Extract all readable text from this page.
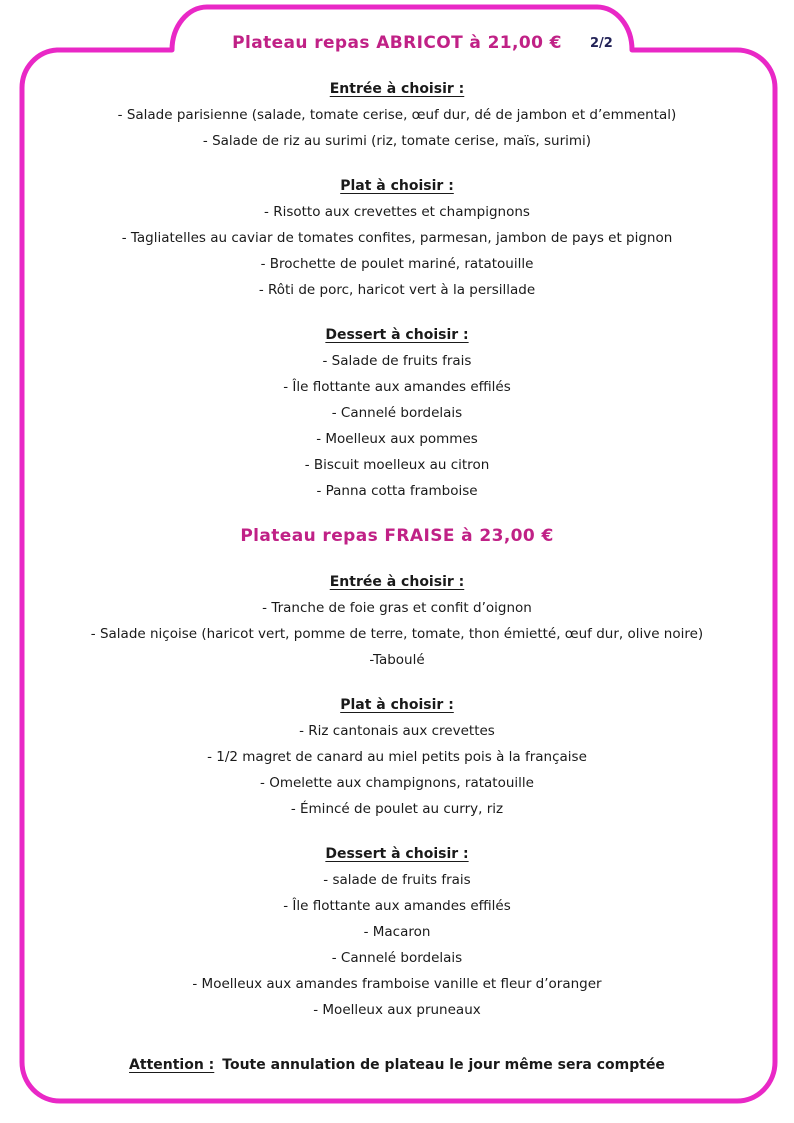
2/2
Plateau repas ABRICOT à 21,00 €
Entrée à choisir :
- Salade parisienne (salade, tomate cerise, œuf dur, dé de jambon et d’emmental)
- Salade de riz au surimi (riz, tomate cerise, maïs, surimi)
Plat à choisir :
- Risotto aux crevettes et champignons
- Tagliatelles au caviar de tomates confites, parmesan, jambon de pays et pignon
- Brochette de poulet mariné, ratatouille
- Rôti de porc, haricot vert à la persillade
Dessert à choisir :
- Salade de fruits frais
- Île flottante aux amandes effilés
- Cannelé bordelais
- Moelleux aux pommes
- Biscuit moelleux au citron
- Panna cotta framboise
Plateau repas FRAISE à 23,00 €
Entrée à choisir :
- Tranche de foie gras et confit d’oignon
- Salade niçoise (haricot vert, pomme de terre, tomate, thon émietté, œuf dur, olive noire)
-Taboulé
Plat à choisir :
- Riz cantonais aux crevettes
- 1/2 magret de canard au miel petits pois à la française
- Omelette aux champignons, ratatouille
- Émincé de poulet au curry, riz
Dessert à choisir :
- salade de fruits frais
- Île flottante aux amandes effilés
- Macaron
- Cannelé bordelais
- Moelleux aux amandes framboise vanille et fleur d’oranger
- Moelleux aux pruneaux
Attention : Toute annulation de plateau le jour même sera comptée
